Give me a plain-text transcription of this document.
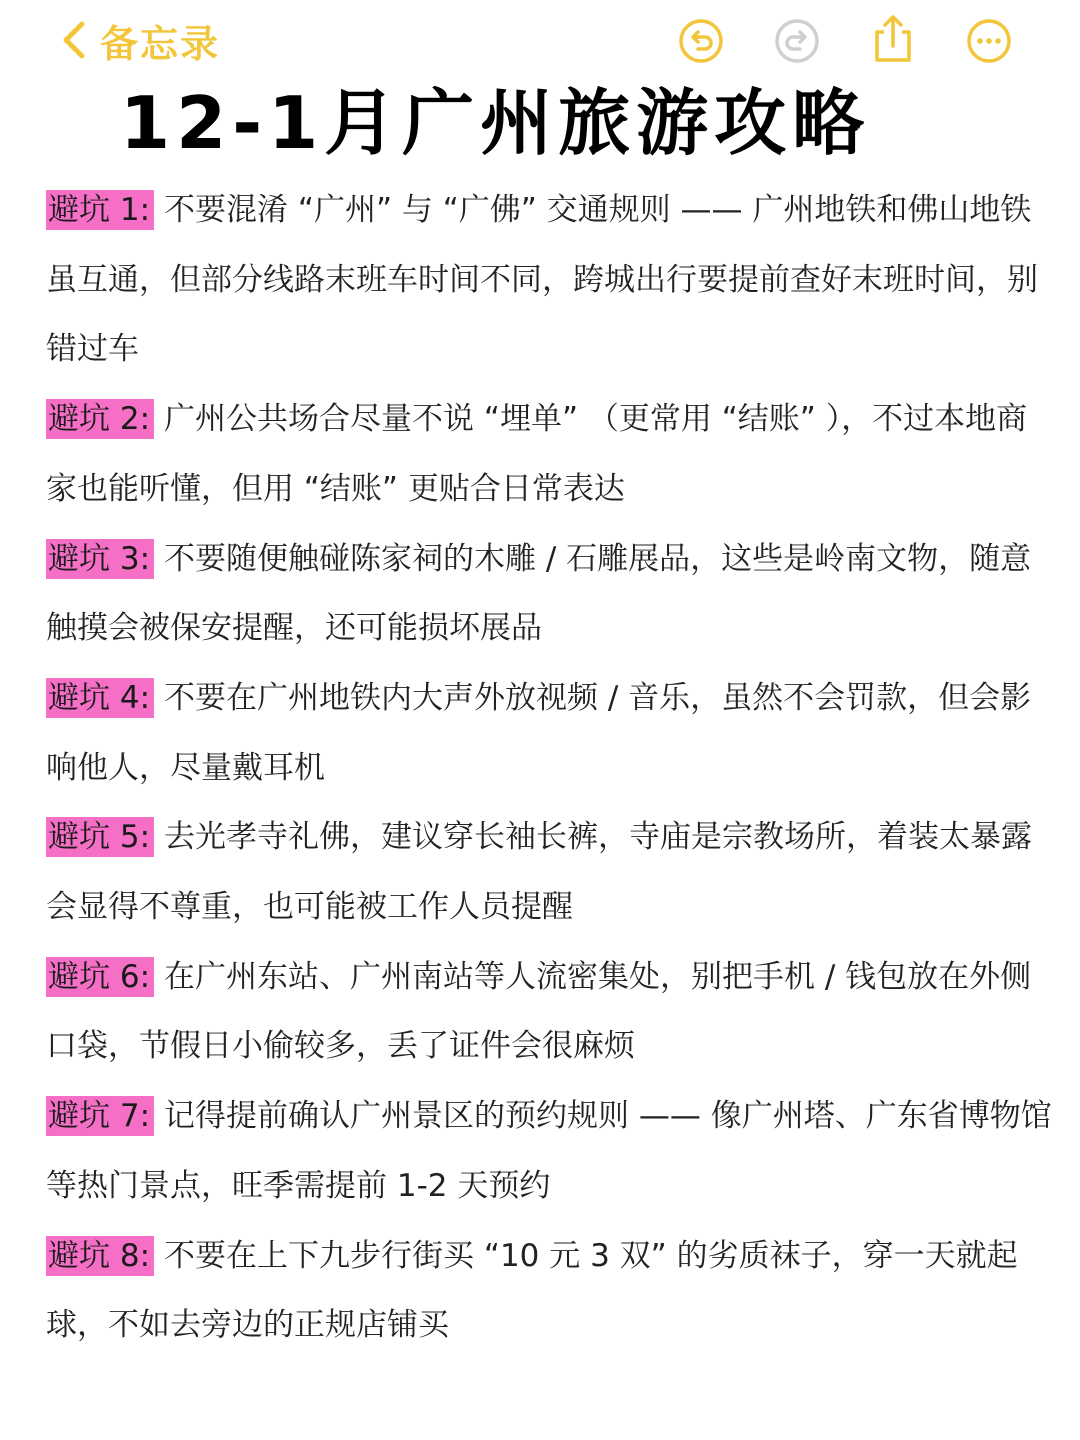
备忘录
12-1月广州旅游攻略
避坑 1: 不要混淆 “广州” 与 “广佛” 交通规则 —— 广州地铁和佛山地铁虽互通，但部分线路末班车时间不同，跨城出行要提前查好末班时间，别错过车
避坑 2: 广州公共场合尽量不说 “埋单” （更常用 “结账” ），不过本地商家也能听懂，但用 “结账” 更贴合日常表达
避坑 3: 不要随便触碰陈家祠的木雕 / 石雕展品，这些是岭南文物，随意触摸会被保安提醒，还可能损坏展品
避坑 4: 不要在广州地铁内大声外放视频 / 音乐，虽然不会罚款，但会影响他人，尽量戴耳机
避坑 5: 去光孝寺礼佛，建议穿长袖长裤，寺庙是宗教场所，着装太暴露会显得不尊重，也可能被工作人员提醒
避坑 6: 在广州东站、广州南站等人流密集处，别把手机 / 钱包放在外侧口袋，节假日小偷较多，丢了证件会很麻烦
避坑 7: 记得提前确认广州景区的预约规则 —— 像广州塔、广东省博物馆等热门景点，旺季需提前 1-2 天预约
避坑 8: 不要在上下九步行街买 “10 元 3 双” 的劣质袜子，穿一天就起球，不如去旁边的正规店铺买
